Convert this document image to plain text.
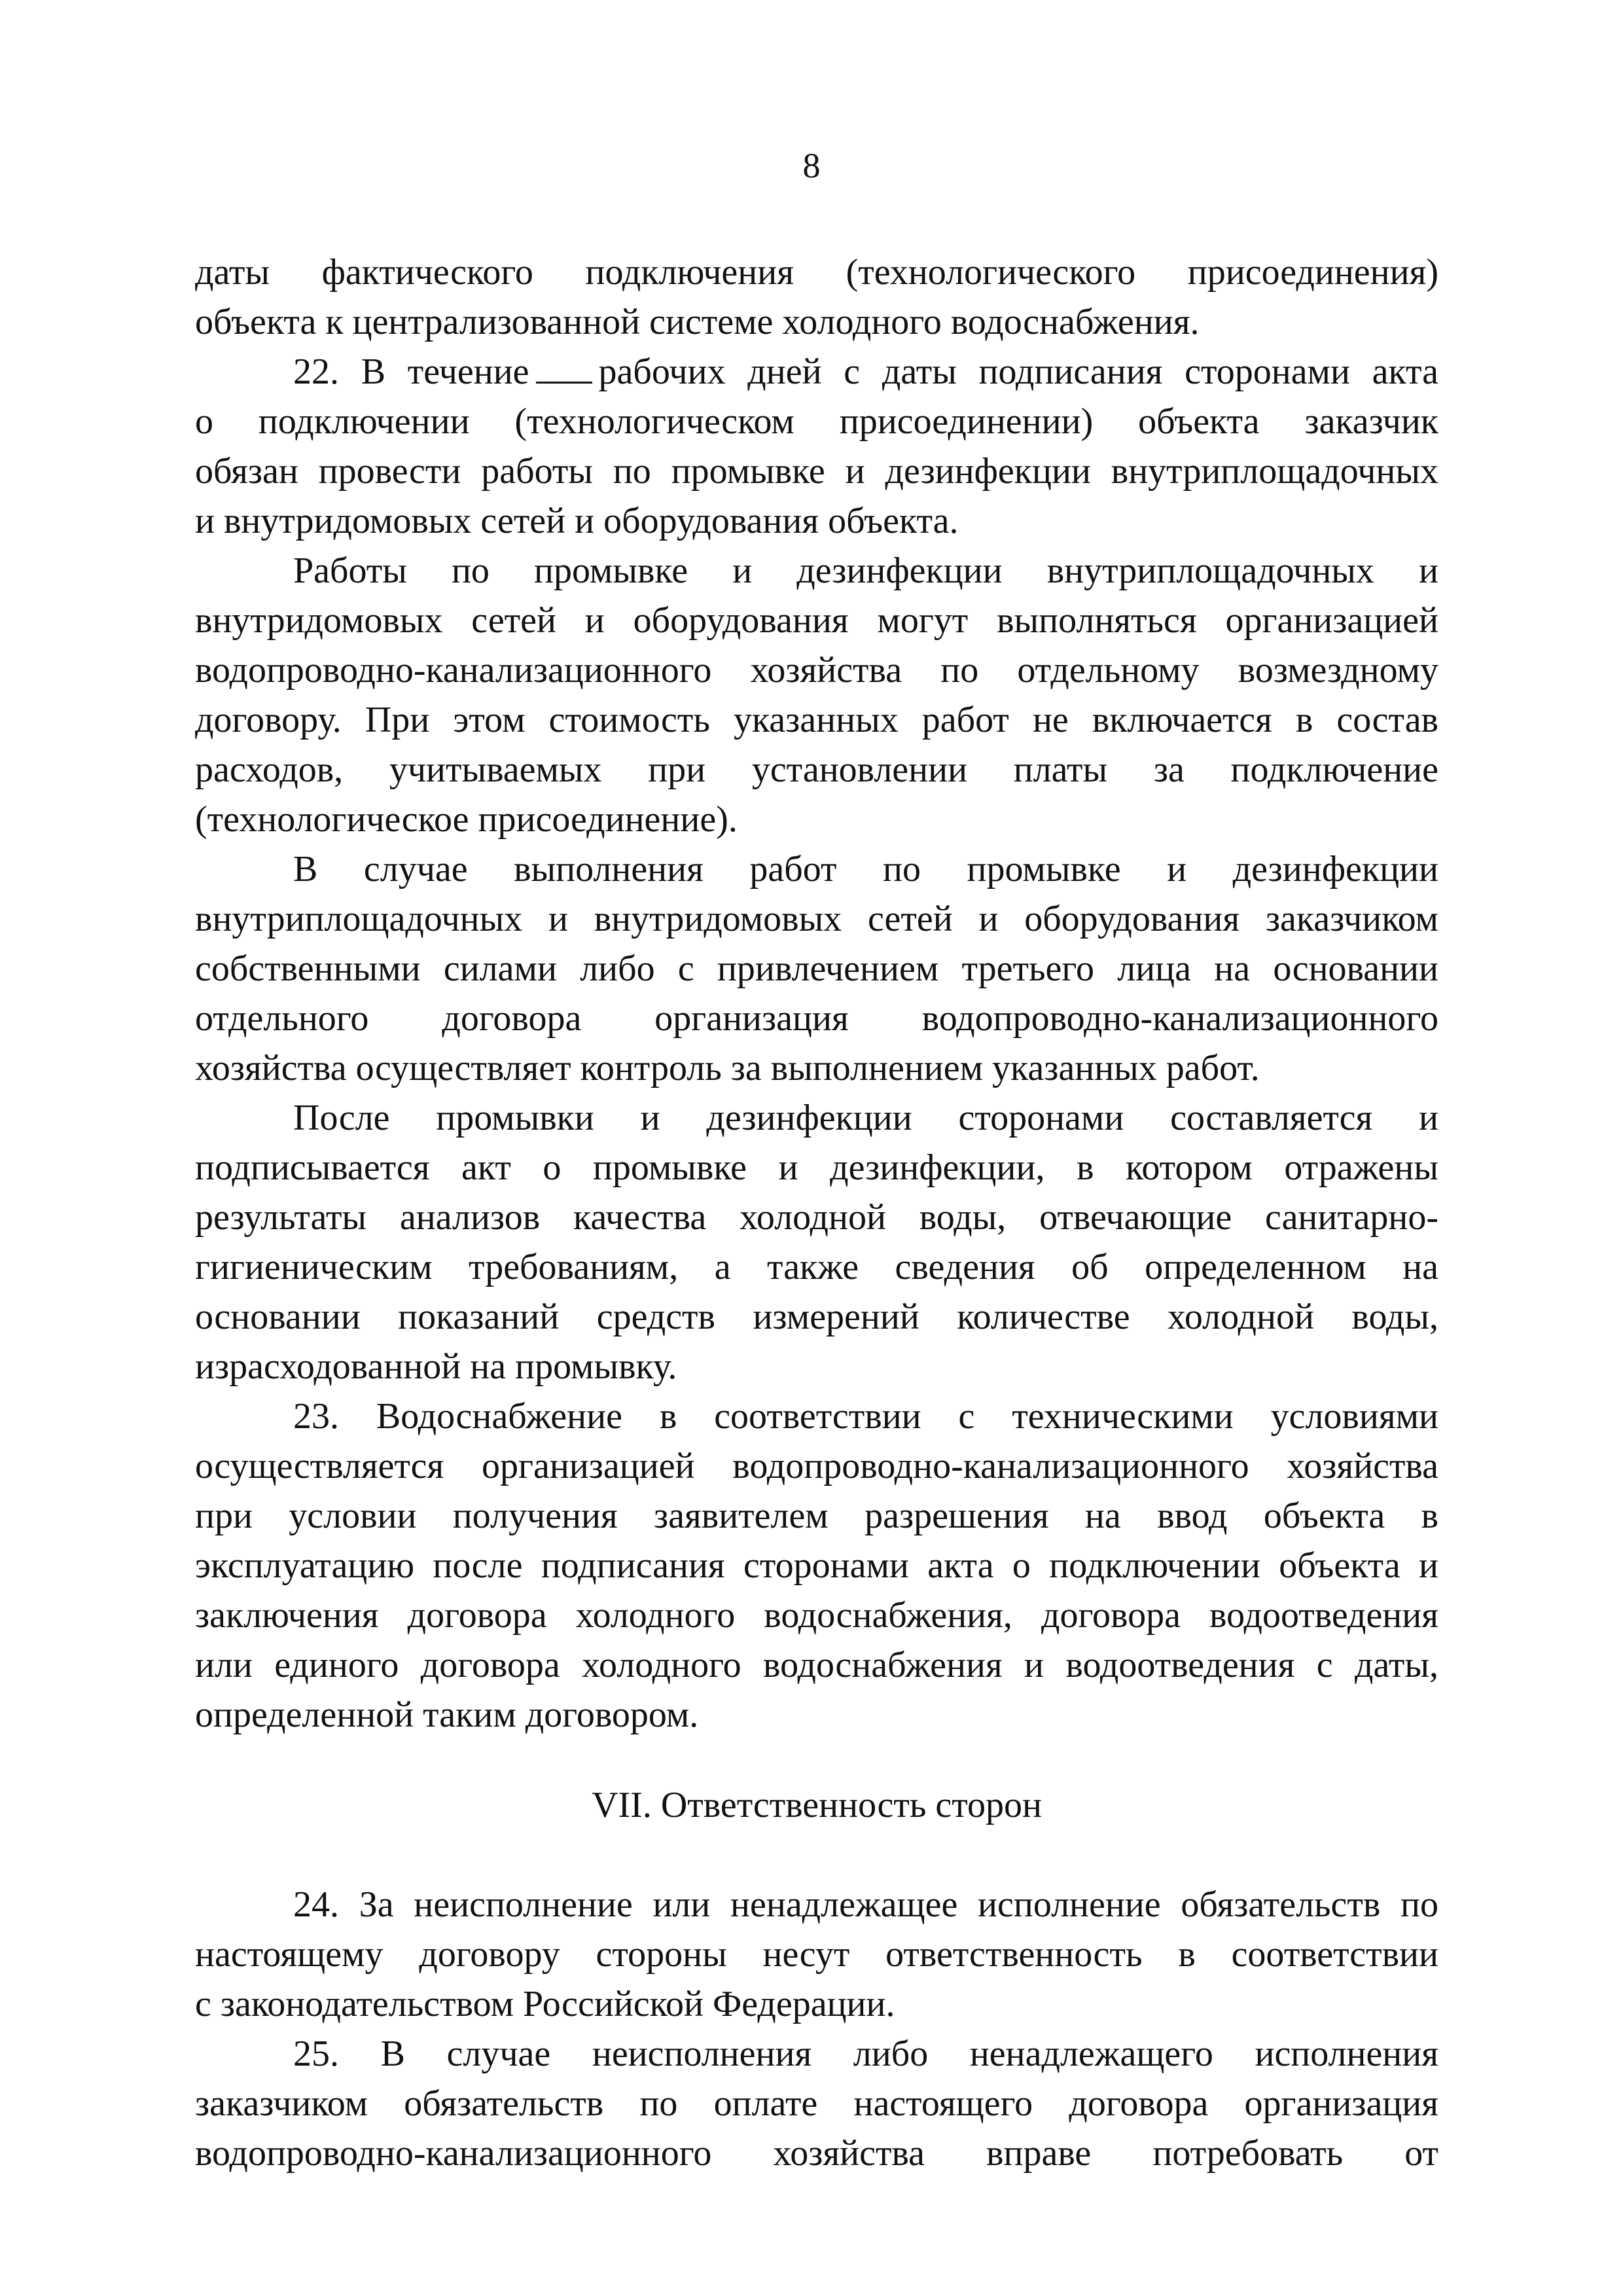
8
даты фактического подключения (технологического присоединения)
объекта к централизованной системе холодного водоснабжения.
22. В течение рабочих дней с даты подписания сторонами акта
о подключении (технологическом присоединении) объекта заказчик
обязан провести работы по промывке и дезинфекции внутриплощадочных
и внутридомовых сетей и оборудования объекта.
Работы по промывке и дезинфекции внутриплощадочных и
внутридомовых сетей и оборудования могут выполняться организацией
водопроводно-канализационного хозяйства по отдельному возмездному
договору. При этом стоимость указанных работ не включается в состав
расходов, учитываемых при установлении платы за подключение
(технологическое присоединение).
В случае выполнения работ по промывке и дезинфекции
внутриплощадочных и внутридомовых сетей и оборудования заказчиком
собственными силами либо с привлечением третьего лица на основании
отдельного договора организация водопроводно-канализационного
хозяйства осуществляет контроль за выполнением указанных работ.
После промывки и дезинфекции сторонами составляется и
подписывается акт о промывке и дезинфекции, в котором отражены
результаты анализов качества холодной воды, отвечающие санитарно-
гигиеническим требованиям, а также сведения об определенном на
основании показаний средств измерений количестве холодной воды,
израсходованной на промывку.
23. Водоснабжение в соответствии с техническими условиями
осуществляется организацией водопроводно-канализационного хозяйства
при условии получения заявителем разрешения на ввод объекта в
эксплуатацию после подписания сторонами акта о подключении объекта и
заключения договора холодного водоснабжения, договора водоотведения
или единого договора холодного водоснабжения и водоотведения с даты,
определенной таким договором.
VII. Ответственность сторон
24. За неисполнение или ненадлежащее исполнение обязательств по
настоящему договору стороны несут ответственность в соответствии
с законодательством Российской Федерации.
25. В случае неисполнения либо ненадлежащего исполнения
заказчиком обязательств по оплате настоящего договора организация
водопроводно-канализационного хозяйства вправе потребовать от
